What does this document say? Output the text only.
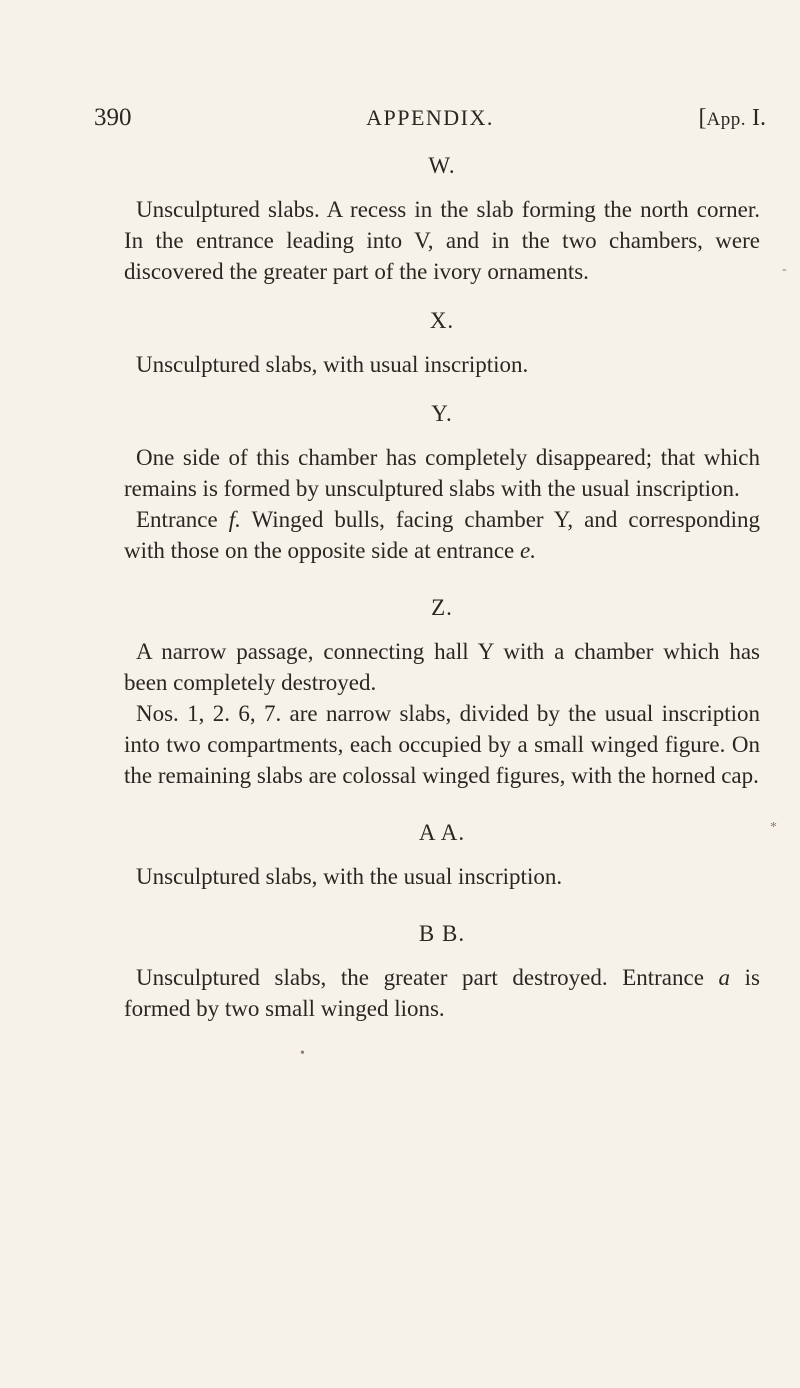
390	APPENDIX.	[App. I.
W.

Unsculptured slabs. A recess in the slab forming the north corner. In the entrance leading into V, and in the two chambers, were discovered the greater part of the ivory ornaments.

X.

Unsculptured slabs, with usual inscription.

Y.

One side of this chamber has completely disappeared; that which remains is formed by unsculptured slabs with the usual inscription.

Entrance f. Winged bulls, facing chamber Y, and corresponding with those on the opposite side at entrance e.

Z.

A narrow passage, connecting hall Y with a chamber which has been completely destroyed.

Nos. 1, 2. 6, 7. are narrow slabs, divided by the usual inscription into two compartments, each occupied by a small winged figure. On the remaining slabs are colossal winged figures, with the horned cap.

A A.

Unsculptured slabs, with the usual inscription.

B B.

Unsculptured slabs, the greater part destroyed. Entrance a is formed by two small winged lions.

-
*
•
